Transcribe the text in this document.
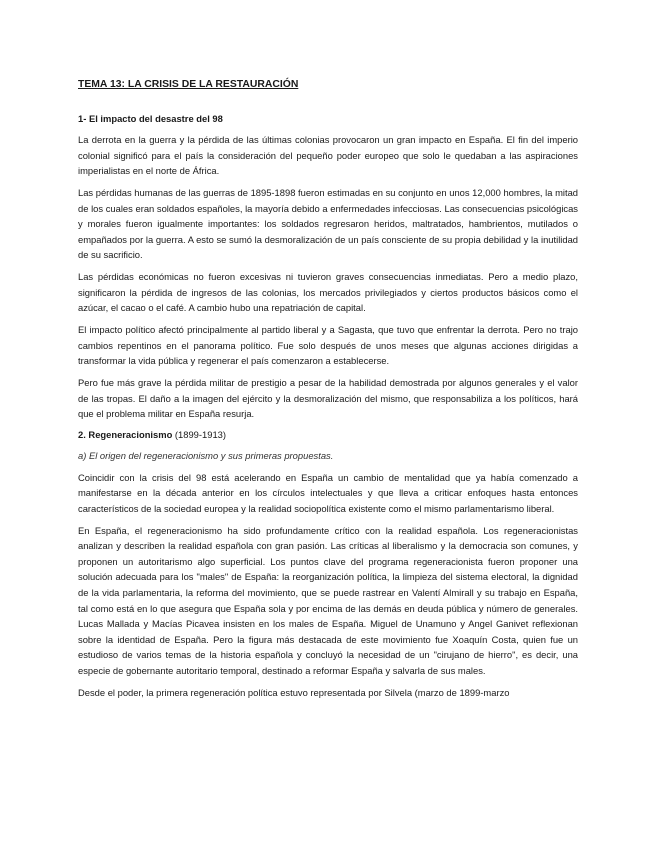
TEMA 13: LA CRISIS DE LA RESTAURACIÓN
1- El impacto del desastre del 98

La derrota en la guerra y la pérdida de las últimas colonias provocaron un gran impacto en España. El fin del imperio colonial significó para el país la consideración del pequeño poder europeo que solo le quedaban a las aspiraciones imperialistas en el norte de África.

Las pérdidas humanas de las guerras de 1895-1898 fueron estimadas en su conjunto en unos 12,000 hombres, la mitad de los cuales eran soldados españoles, la mayoría debido a enfermedades infecciosas. Las consecuencias psicológicas y morales fueron igualmente importantes: los soldados regresaron heridos, maltratados, hambrientos, mutilados o empañados por la guerra. A esto se sumó la desmoralización de un país consciente de su propia debilidad y la inutilidad de su sacrificio.

Las pérdidas económicas no fueron excesivas ni tuvieron graves consecuencias inmediatas. Pero a medio plazo, significaron la pérdida de ingresos de las colonias, los mercados privilegiados y ciertos productos básicos como el azúcar, el cacao o el café. A cambio hubo una repatriación de capital.

El impacto político afectó principalmente al partido liberal y a Sagasta, que tuvo que enfrentar la derrota. Pero no trajo cambios repentinos en el panorama político. Fue solo después de unos meses que algunas acciones dirigidas a transformar la vida pública y regenerar el país comenzaron a establecerse.

Pero fue más grave la pérdida militar de prestigio a pesar de la habilidad demostrada por algunos generales y el valor de las tropas. El daño a la imagen del ejército y la desmoralización del mismo, que responsabiliza a los políticos, hará que el problema militar en España resurja.

2. Regeneracionismo (1899-1913)
a) El origen del regeneracionismo y sus primeras propuestas.

Coincidir con la crisis del 98 está acelerando en España un cambio de mentalidad que ya había comenzado a manifestarse en la década anterior en los círculos intelectuales y que lleva a criticar enfoques hasta entonces característicos de la sociedad europea y la realidad sociopolítica existente como el mismo parlamentarismo liberal.

En España, el regeneracionismo ha sido profundamente crítico con la realidad española. Los regeneracionistas analizan y describen la realidad española con gran pasión. Las críticas al liberalismo y la democracia son comunes, y proponen un autoritarismo algo superficial. Los puntos clave del programa regeneracionista fueron proponer una solución adecuada para los "males" de España: la reorganización política, la limpieza del sistema electoral, la dignidad de la vida parlamentaria, la reforma del movimiento, que se puede rastrear en Valentí Almirall y su trabajo en España, tal como está en lo que asegura que España sola y por encima de las demás en deuda pública y número de generales. Lucas Mallada y Macías Picavea insisten en los males de España. Miguel de Unamuno y Angel Ganivet reflexionan sobre la identidad de España. Pero la figura más destacada de este movimiento fue Xoaquín Costa, quien fue un estudioso de varios temas de la historia española y concluyó la necesidad de un "cirujano de hierro", es decir, una especie de gobernante autoritario temporal, destinado a reformar España y salvarla de sus males.

Desde el poder, la primera regeneración política estuvo representada por Silvela (marzo de 1899-marzo
